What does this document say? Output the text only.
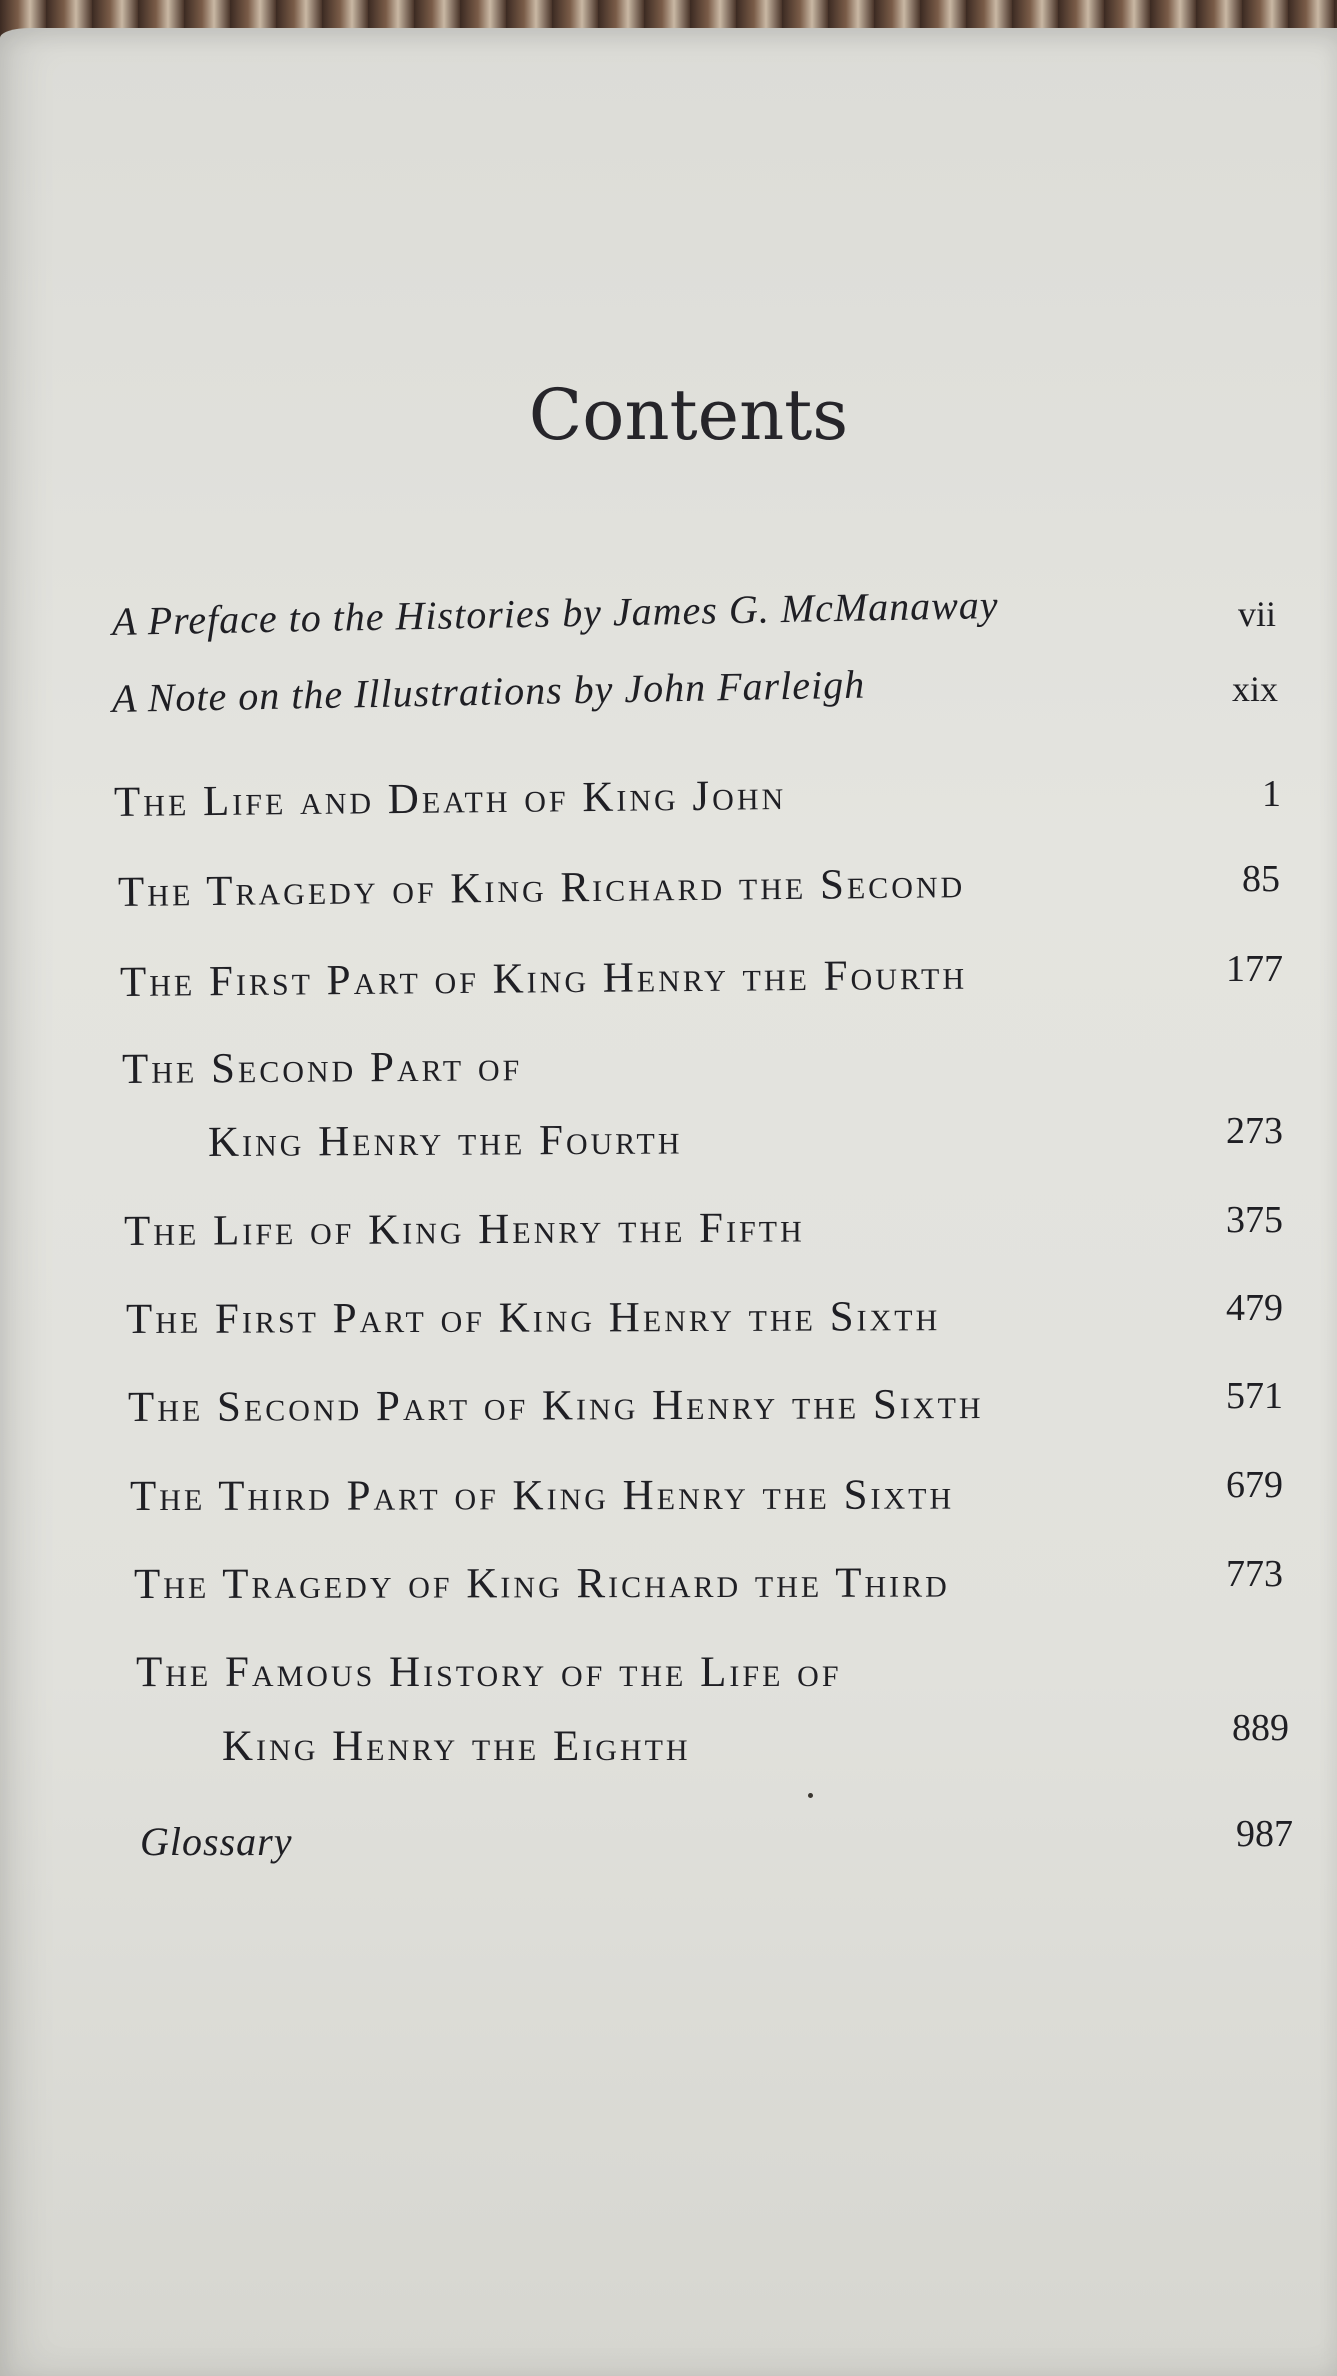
Contents
A Preface to the Histories by James G. McManaway	vii
A Note on the Illustrations by John Farleigh	xix
The Life and Death of King John	1
The Tragedy of King Richard the Second	85
The First Part of King Henry the Fourth	177
The Second Part of
King Henry the Fourth	273
The Life of King Henry the Fifth	375
The First Part of King Henry the Sixth	479
The Second Part of King Henry the Sixth	571
The Third Part of King Henry the Sixth	679
The Tragedy of King Richard the Third	773
The Famous History of the Life of
King Henry the Eighth	889
Glossary	987
